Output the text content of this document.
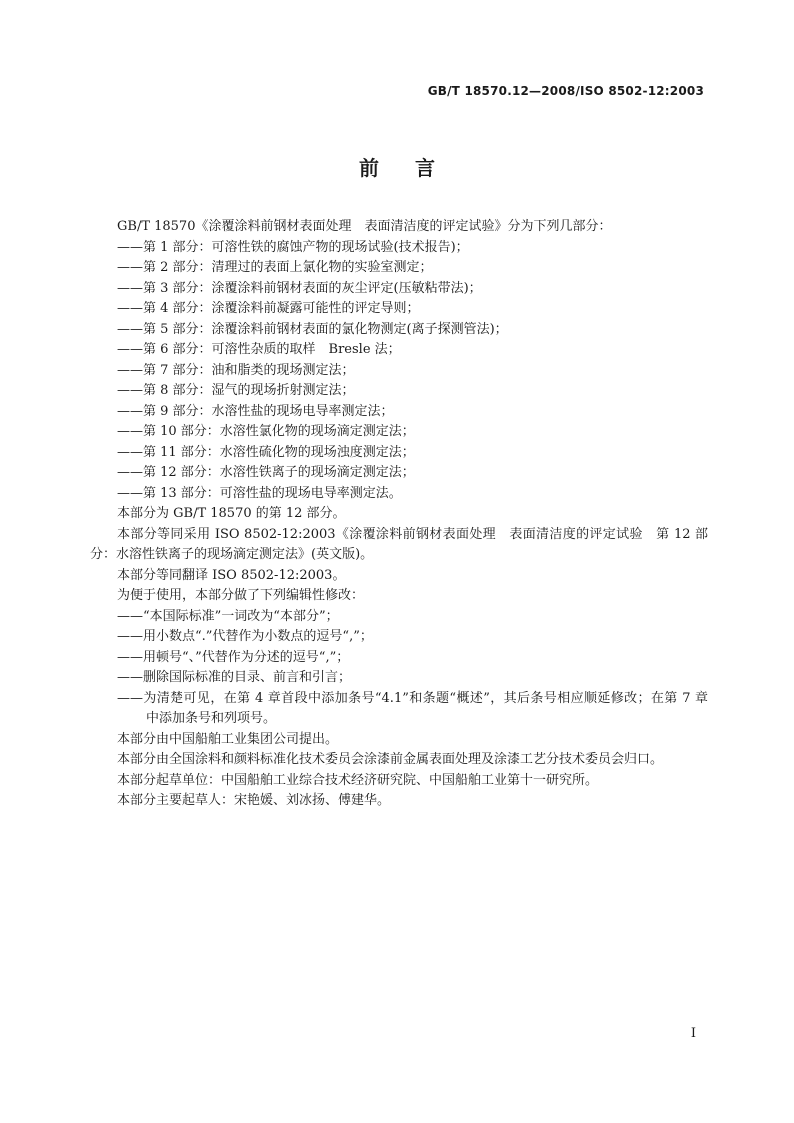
GB/T 18570.12—2008/ISO 8502-12:2003
前言
GB/T 18570《涂覆涂料前钢材表面处理　表面清洁度的评定试验》分为下列几部分：
——第 1 部分：可溶性铁的腐蚀产物的现场试验(技术报告)；
——第 2 部分：清理过的表面上氯化物的实验室测定；
——第 3 部分：涂覆涂料前钢材表面的灰尘评定(压敏粘带法)；
——第 4 部分：涂覆涂料前凝露可能性的评定导则；
——第 5 部分：涂覆涂料前钢材表面的氯化物测定(离子探测管法)；
——第 6 部分：可溶性杂质的取样　Bresle 法；
——第 7 部分：油和脂类的现场测定法；
——第 8 部分：湿气的现场折射测定法；
——第 9 部分：水溶性盐的现场电导率测定法；
——第 10 部分：水溶性氯化物的现场滴定测定法；
——第 11 部分：水溶性硫化物的现场浊度测定法；
——第 12 部分：水溶性铁离子的现场滴定测定法；
——第 13 部分：可溶性盐的现场电导率测定法。
本部分为 GB/T 18570 的第 12 部分。
本部分等同采用 ISO 8502-12:2003《涂覆涂料前钢材表面处理　表面清洁度的评定试验　第 12 部
分：水溶性铁离子的现场滴定测定法》(英文版)。
本部分等同翻译 ISO 8502-12:2003。
为便于使用，本部分做了下列编辑性修改：
——“本国际标准”一词改为“本部分”；
——用小数点“.”代替作为小数点的逗号“,”；
——用顿号“、”代替作为分述的逗号“,”；
——删除国际标准的目录、前言和引言；
——为清楚可见，在第 4 章首段中添加条号“4.1”和条题“概述”，其后条号相应顺延修改；在第 7 章
中添加条号和列项号。
本部分由中国船舶工业集团公司提出。
本部分由全国涂料和颜料标准化技术委员会涂漆前金属表面处理及涂漆工艺分技术委员会归口。
本部分起草单位：中国船舶工业综合技术经济研究院、中国船舶工业第十一研究所。
本部分主要起草人：宋艳媛、刘冰扬、傅建华。
I
